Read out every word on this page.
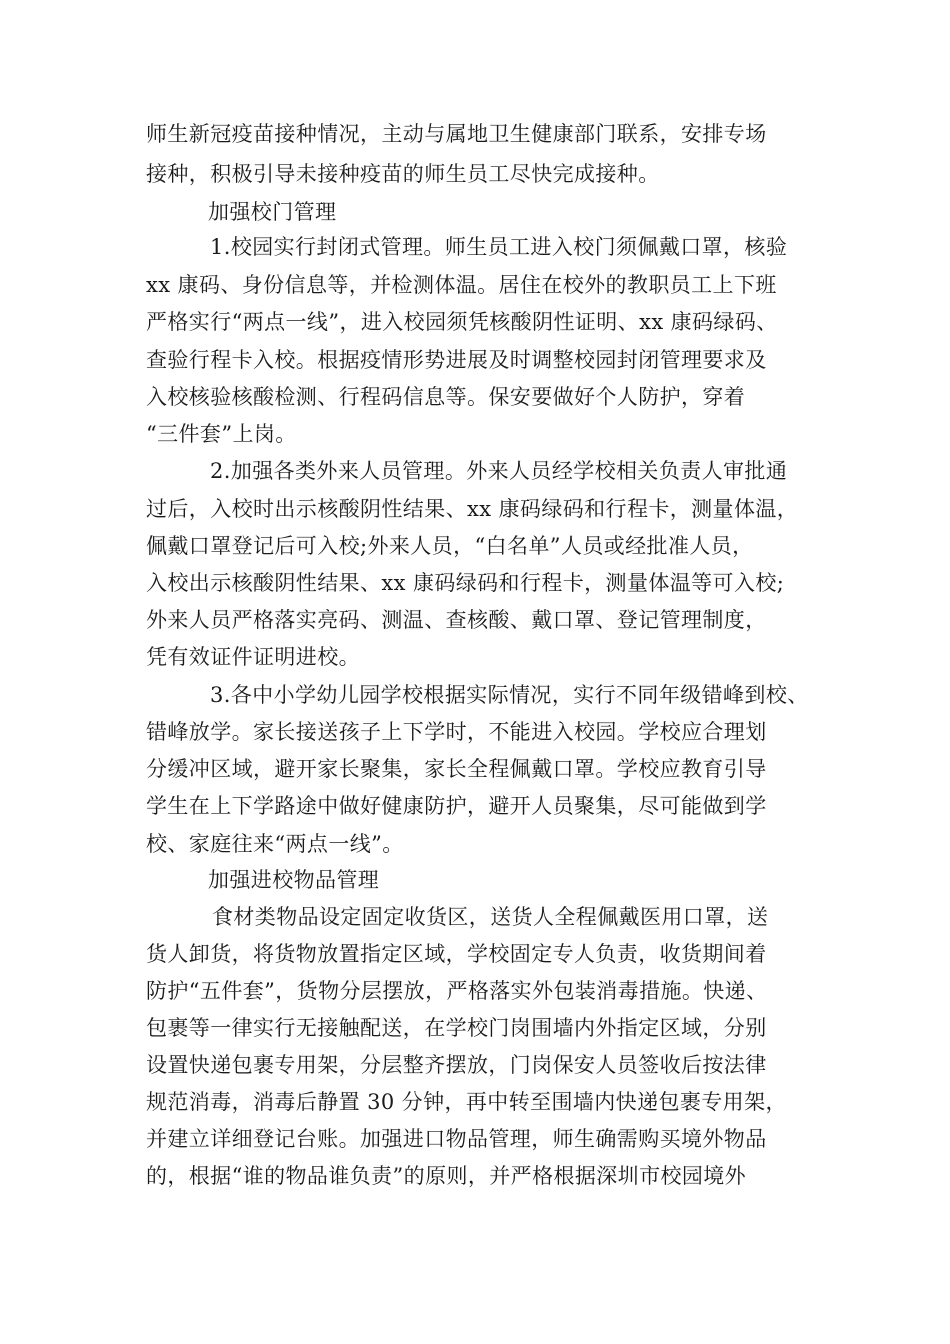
师生新冠疫苗接种情况，主动与属地卫生健康部门联系，安排专场
接种，积极引导未接种疫苗的师生员工尽快完成接种。
加强校门管理
1.校园实行封闭式管理。师生员工进入校门须佩戴口罩，核验
xx 康码、身份信息等，并检测体温。居住在校外的教职员工上下班
严格实行“两点一线”，进入校园须凭核酸阴性证明、xx 康码绿码、
查验行程卡入校。根据疫情形势进展及时调整校园封闭管理要求及
入校核验核酸检测、行程码信息等。保安要做好个人防护，穿着
“三件套”上岗。
2.加强各类外来人员管理。外来人员经学校相关负责人审批通
过后，入校时出示核酸阴性结果、xx 康码绿码和行程卡，测量体温，
佩戴口罩登记后可入校;外来人员，“白名单”人员或经批准人员，
入校出示核酸阴性结果、xx 康码绿码和行程卡，测量体温等可入校;
外来人员严格落实亮码、测温、查核酸、戴口罩、登记管理制度，
凭有效证件证明进校。
3.各中小学幼儿园学校根据实际情况，实行不同年级错峰到校、
错峰放学。家长接送孩子上下学时，不能进入校园。学校应合理划
分缓冲区域，避开家长聚集，家长全程佩戴口罩。学校应教育引导
学生在上下学路途中做好健康防护，避开人员聚集，尽可能做到学
校、家庭往来“两点一线”。
加强进校物品管理
食材类物品设定固定收货区，送货人全程佩戴医用口罩，送
货人卸货，将货物放置指定区域，学校固定专人负责，收货期间着
防护“五件套”，货物分层摆放，严格落实外包装消毒措施。快递、
包裹等一律实行无接触配送，在学校门岗围墙内外指定区域，分别
设置快递包裹专用架，分层整齐摆放，门岗保安人员签收后按法律
规范消毒，消毒后静置 30 分钟，再中转至围墙内快递包裹专用架，
并建立详细登记台账。加强进口物品管理，师生确需购买境外物品
的，根据“谁的物品谁负责”的原则，并严格根据深圳市校园境外
